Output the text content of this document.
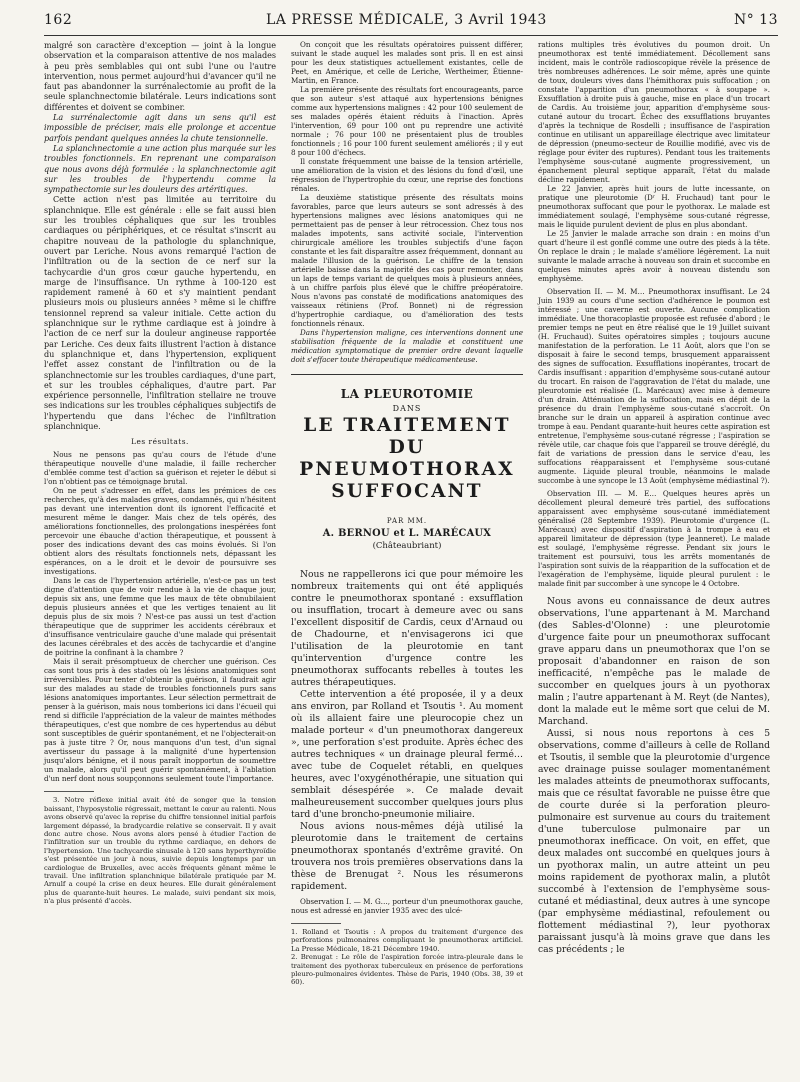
162	LA PRESSE MÉDICALE, 3 Avril 1943	N° 13

malgré son caractère d'exception — joint à la longue observation et la comparaison attentive de nos malades à peu près semblables qui ont subi l'une ou l'autre intervention, nous permet aujourd'hui d'avancer qu'il ne faut pas abandonner la surrénalectomie au profit de la seule splanchnectomie bilatérale. Leurs indications sont différentes et doivent se combiner.

La surrénalectomie agit dans un sens qu'il est impossible de préciser, mais elle prolonge et accentue parfois pendant quelques années la chute tensionnelle.

La splanchnectomie a une action plus marquée sur les troubles fonctionnels. En reprenant une comparaison que nous avons déjà formulée : la splanchnectomie agit sur les troubles de l'hypertendu comme la sympathectomie sur les douleurs des artéritiques.

Cette action n'est pas limitée au territoire du splanchnique. Elle est générale : elle se fait aussi bien sur les troubles céphaliques que sur les troubles cardiaques ou périphériques, et ce résultat s'inscrit au chapitre nouveau de la pathologie du splanchnique, ouvert par Leriche. Nous avons remarqué l'action de l'infiltration ou de la section de ce nerf sur la tachycardie d'un gros cœur gauche hypertendu, en marge de l'insuffisance. Un rythme à 100-120 est rapidement ramené à 60 et s'y maintient pendant plusieurs mois ou plusieurs années ³ même si le chiffre tensionnel reprend sa valeur initiale. Cette action du splanchnique sur le rythme cardiaque est à joindre à l'action de ce nerf sur la douleur angineuse rapportée par Leriche. Ces deux faits illustrent l'action à distance du splanchnique et, dans l'hypertension, expliquent l'effet assez constant de l'infiltration ou de la splanchnectomie sur les troubles cardiaques, d'une part, et sur les troubles céphaliques, d'autre part. Par expérience personnelle, l'infiltration stellaire ne trouve ses indications sur les troubles céphaliques subjectifs de l'hypertendu que dans l'échec de l'infiltration splanchnique.

Les résultats.

Nous ne pensons pas qu'au cours de l'étude d'une thérapeutique nouvelle d'une maladie, il faille rechercher d'emblée comme test d'action sa guérison et rejeter le début si l'on n'obtient pas ce témoignage brutal.

On ne peut s'adresser en effet, dans les prémices de ces recherches, qu'à des malades graves, condamnés, qui n'hésitent pas devant une intervention dont ils ignorent l'efficacité et mesurent même le danger. Mais chez de tels opérés, des améliorations fonctionnelles, des prolongations inespérées font percevoir une ébauche d'action thérapeutique, et poussent à poser des indications devant des cas moins évolués. Si l'on obtient alors des résultats fonctionnels nets, dépassant les espérances, on a le droit et le devoir de poursuivre ses investigations.

Dans le cas de l'hypertension artérielle, n'est-ce pas un test digne d'attention que de voir rendue à la vie de chaque jour, depuis six ans, une femme que les maux de tête obnubilaient depuis plusieurs années et que les vertiges tenaient au lit depuis plus de six mois ? N'est-ce pas aussi un test d'action thérapeutique que de supprimer les accidents cérébraux et d'insuffisance ventriculaire gauche d'une malade qui présentait des lacunes cérébrales et des accès de tachycardie et d'angine de poitrine la confinant à la chambre ?

Mais il serait présomptueux de chercher une guérison. Ces cas sont tous pris à des stades où les lésions anatomiques sont irréversibles. Pour tenter d'obtenir la guérison, il faudrait agir sur des malades au stade de troubles fonctionnels purs sans lésions anatomiques importantes. Leur sélection permettrait de penser à la guérison, mais nous tomberions ici dans l'écueil qui rend si difficile l'appréciation de la valeur de maintes méthodes thérapeutiques, c'est que nombre de ces hypertendus au début sont susceptibles de guérir spontanément, et ne l'objecterait-on pas à juste titre ? Or, nous manquons d'un test, d'un signal avertisseur du passage à la malignité d'une hypertension jusqu'alors bénigne, et il nous paraît inopportun de soumettre un malade, alors qu'il peut guérir spontanément, à l'ablation d'un nerf dont nous soupçonnons seulement toute l'importance.

3. Notre réflexe initial avait été de songer que la tension baissant, l'hyposystolie régressait, mettant le cœur au ralenti. Nous avons observé qu'avec la reprise du chiffre tensionnel initial parfois largement dépassé, la bradycardie relative se conservait. Il y avait donc autre chose. Nous avons alors pensé à étudier l'action de l'infiltration sur un trouble du rythme cardiaque, en dehors de l'hypertension. Une tachycardie sinusale à 120 sans hyperthyroïdie s'est présentée un jour à nous, suivie depuis longtemps par un cardiologue de Bruxelles, avec accès fréquents gênant même le travail. Une infiltration splanchnique bilatérale pratiquée par M. Arnulf a coupé la crise en deux heures. Elle durait généralement plus de quarante-huit heures. Le malade, suivi pendant six mois, n'a plus présenté d'accès.

On conçoit que les résultats opératoires puissent différer, suivant le stade auquel les malades sont pris. Il en est ainsi pour les deux statistiques actuellement existantes, celle de Peet, en Amérique, et celle de Leriche, Wertheimer, Étienne-Martin, en France.

La première présente des résultats fort encourageants, parce que son auteur s'est attaqué aux hypertensions bénignes comme aux hypertensions malignes : 42 pour 100 seulement de ses malades opérés étaient réduits à l'inaction. Après l'intervention, 69 pour 100 ont pu reprendre une activité normale ; 76 pour 100 ne présentaient plus de troubles fonctionnels ; 16 pour 100 furent seulement améliorés ; il y eut 8 pour 100 d'échecs.

Il constate fréquemment une baisse de la tension artérielle, une amélioration de la vision et des lésions du fond d'œil, une régression de l'hypertrophie du cœur, une reprise des fonctions rénales.

La deuxième statistique présente des résultats moins favorables, parce que leurs auteurs se sont adressés à des hypertensions malignes avec lésions anatomiques qui ne permettaient pas de penser à leur rétrocession. Chez tous nos malades impotents, sans activité sociale, l'intervention chirurgicale améliore les troubles subjectifs d'une façon constante et les fait disparaître assez fréquemment, donnant au malade l'illusion de la guérison. Le chiffre de la tension artérielle baisse dans la majorité des cas pour remonter, dans un laps de temps variant de quelques mois à plusieurs années, à un chiffre parfois plus élevé que le chiffre préopératoire. Nous n'avons pas constaté de modifications anatomiques des vaisseaux rétiniens (Prof. Bonnet) ni de régression d'hypertrophie cardiaque, ou d'amélioration des tests fonctionnels rénaux.

Dans l'hypertension maligne, ces interventions donnent une stabilisation fréquente de la maladie et constituent une médication symptomatique de premier ordre devant laquelle doit s'effacer toute thérapeutique médicamenteuse.

LA PLEUROTOMIE
DANS
LE TRAITEMENT
DU PNEUMOTHORAX
SUFFOCANT
PAR MM.
A. BERNOU et L. MARÉCAUX
(Châteaubriant)

Nous ne rappellerons ici que pour mémoire les nombreux traitements qui ont été appliqués contre le pneumothorax spontané : exsufflation ou insufflation, trocart à demeure avec ou sans l'excellent dispositif de Cardis, ceux d'Arnaud ou de Chadourne, et n'envisagerons ici que l'utilisation de la pleurotomie en tant qu'intervention d'urgence contre les pneumothorax suffocants rebelles à toutes les autres thérapeutiques.

Cette intervention a été proposée, il y a deux ans environ, par Rolland et Tsoutis ¹. Au moment où ils allaient faire une pleurocopie chez un malade porteur « d'un pneumothorax dangereux », une perforation s'est produite. Après échec des autres techniques « un drainage pleural fermé… avec tube de Coquelet rétabli, en quelques heures, avec l'oxygénothérapie, une situation qui semblait désespérée ». Ce malade devait malheureusement succomber quelques jours plus tard d'une broncho-pneumonie miliaire.

Nous avions nous-mêmes déjà utilisé la pleurotomie dans le traitement de certains pneumothorax spontanés d'extrême gravité. On trouvera nos trois premières observations dans la thèse de Brenugat ². Nous les résumerons rapidement.

Observation I. — M. G…, porteur d'un pneumothorax gauche, nous est adressé en janvier 1935 avec des ulcé-

1. Rolland et Tsoutis : À propos du traitement d'urgence des perforations pulmonaires compliquant le pneumothorax artificiel. La Presse Médicale, 18-21 Décembre 1940.

2. Brenugat : Le rôle de l'aspiration forcée intra-pleurale dans le traitement des pyothorax tuberculeux en présence de perforations pleuro-pulmonaires évidentes. Thèse de Paris, 1940 (Obs. 38, 39 et 60).

rations multiples très évolutives du poumon droit. Un pneumothorax est tenté immédiatement. Décollement sans incident, mais le contrôle radioscopique révèle la présence de très nombreuses adhérences. Le soir même, après une quinte de toux, douleurs vives dans l'hémithorax puis suffocation ; on constate l'apparition d'un pneumothorax « à soupape ». Exsufflation à droite puis à gauche, mise en place d'un trocart de Cardis. Au troisième jour, apparition d'emphysème sous-cutané autour du trocart. Échec des exsufflations bruyantes d'après la technique de Rosdelli ; insuffisance de l'aspiration continue en utilisant un appareillage électrique avec limitateur de dépression (pneumo-secteur de Rouillie modifié, avec vis de réglage pour éviter des ruptures). Pendant tous les traitements l'emphysème sous-cutané augmente progressivement, un épanchement pleural septique apparaît, l'état du malade décline rapidement.

Le 22 Janvier, après huit jours de lutte incessante, on pratique une pleurotomie (Dʳ H. Fruchaud) tant pour le pneumothorax suffocant que pour le pyothorax. Le malade est immédiatement soulagé, l'emphysème sous-cutané régresse, mais le liquide purulent devient de plus en plus abondant.

Le 25 Janvier le malade arrache son drain : en moins d'un quart d'heure il est gonflé comme une outre des pieds à la tête. On replace le drain ; le malade s'améliore légèrement. La nuit suivante le malade arrache à nouveau son drain et succombe en quelques minutes après avoir à nouveau distendu son emphysème.

Observation II. — M. M… Pneumothorax insuffisant. Le 24 Juin 1939 au cours d'une section d'adhérence le poumon est intéressé ; une caverne est ouverte. Aucune complication immédiate. Une thoracoplastie proposée est refusée d'abord ; le premier temps ne peut en être réalisé que le 19 Juillet suivant (H. Fruchaud). Suites opératoires simples ; toujours aucune manifestation de la perforation. Le 11 Août, alors que l'on se disposait à faire le second temps, brusquement apparaissent des signes de suffocation. Exsufflations inopérantes, trocart de Cardis insuffisant : apparition d'emphysème sous-cutané autour du trocart. En raison de l'aggravation de l'état du malade, une pleurotomie est réalisée (L. Marécaux) avec mise à demeure d'un drain. Atténuation de la suffocation, mais en dépit de la présence du drain l'emphysème sous-cutané s'accroît. On branche sur le drain un appareil à aspiration continue avec trompe à eau. Pendant quarante-huit heures cette aspiration est entretenue, l'emphysème sous-cutané régresse ; l'aspiration se révèle utile, car chaque fois que l'appareil se trouve déréglé, du fait de variations de pression dans le service d'eau, les suffocations réapparaissent et l'emphysème sous-cutané augmente. Liquide pleural trouble, néanmoins le malade succombe à une syncope le 13 Août (emphysème médiastinal ?).

Observation III. — M. E… Quelques heures après un décollement pleural demeuré très partiel, des suffocations apparaissent avec emphysème sous-cutané immédiatement généralisé (28 Septembre 1939). Pleurotomie d'urgence (L. Marécaux) avec dispositif d'aspiration à la trompe à eau et appareil limitateur de dépression (type Jeanneret). Le malade est soulagé, l'emphysème régresse. Pendant six jours le traitement est poursuivi, tous les arrêts momentanés de l'aspiration sont suivis de la réapparition de la suffocation et de l'exagération de l'emphysème, liquide pleural purulent : le malade finit par succomber à une syncope le 4 Octobre.

Nous avons eu connaissance de deux autres observations, l'une appartenant à M. Marchand (des Sables-d'Olonne) : une pleurotomie d'urgence faite pour un pneumothorax suffocant grave apparu dans un pneumothorax que l'on se proposait d'abandonner en raison de son inefficacité, n'empêche pas le malade de succomber en quelques jours à un pyothorax malin ; l'autre appartenant à M. Reyt (de Nantes), dont la malade eut le même sort que celui de M. Marchand.

Aussi, si nous nous reportons à ces 5 observations, comme d'ailleurs à celle de Rolland et Tsoutis, il semble que la pleurotomie d'urgence avec drainage puisse soulager momentanément les malades atteints de pneumothorax suffocants, mais que ce résultat favorable ne puisse être que de courte durée si la perforation pleuro-pulmonaire est survenue au cours du traitement d'une tuberculose pulmonaire par un pneumothorax inefficace. On voit, en effet, que deux malades ont succombé en quelques jours à un pyothorax malin, un autre atteint un peu moins rapidement de pyothorax malin, a plutôt succombé à l'extension de l'emphysème sous-cutané et médiastinal, deux autres à une syncope (par emphysème médiastinal, refoulement ou flottement médiastinal ?), leur pyothorax paraissant jusqu'à là moins grave que dans les cas précédents ; le
